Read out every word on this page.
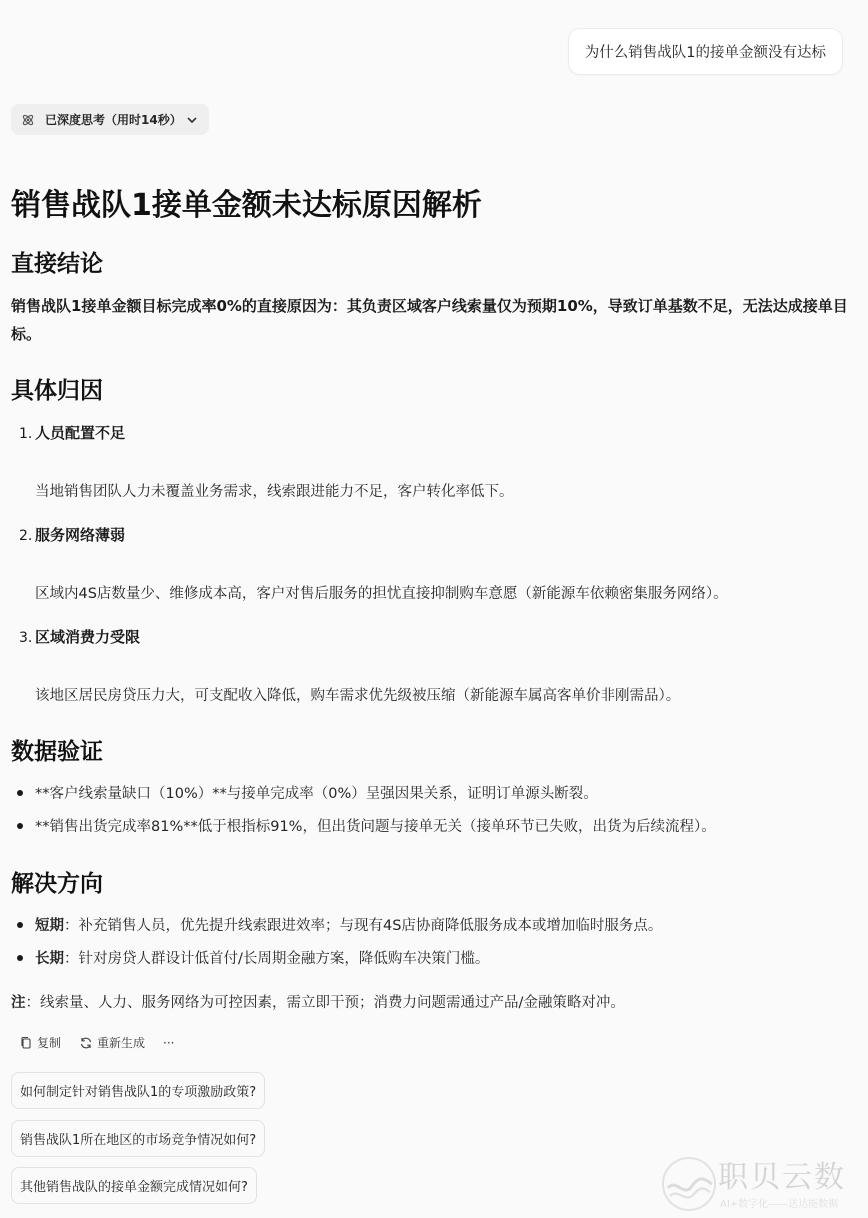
为什么销售战队1的接单金额没有达标
已深度思考（用时14秒）
销售战队1接单金额未达标原因解析
直接结论
销售战队1接单金额目标完成率0%的直接原因为：其负责区域客户线索量仅为预期10%，导致订单基数不足，无法达成接单目标。
具体归因
1. 人员配置不足
当地销售团队人力未覆盖业务需求，线索跟进能力不足，客户转化率低下。
2. 服务网络薄弱
区域内4S店数量少、维修成本高，客户对售后服务的担忧直接抑制购车意愿（新能源车依赖密集服务网络）。
3. 区域消费力受限
该地区居民房贷压力大，可支配收入降低，购车需求优先级被压缩（新能源车属高客单价非刚需品）。
数据验证
**客户线索量缺口（10%）**与接单完成率（0%）呈强因果关系，证明订单源头断裂。
**销售出货完成率81%**低于根指标91%，但出货问题与接单无关（接单环节已失败，出货为后续流程）。
解决方向
短期 ：补充销售人员，优先提升线索跟进效率；与现有4S店协商降低服务成本或增加临时服务点。
长期 ：针对房贷人群设计低首付/长周期金融方案，降低购车决策门槛。
注：线索量、人力、服务网络为可控因素，需立即干预；消费力问题需通过产品/金融策略对冲。
复制	重新生成 ···
如何制定针对销售战队1的专项激励政策?
销售战队1所在地区的市场竞争情况如何?
其他销售战队的接单金额完成情况如何?	职贝云数
AI+数字化——送达能数据
